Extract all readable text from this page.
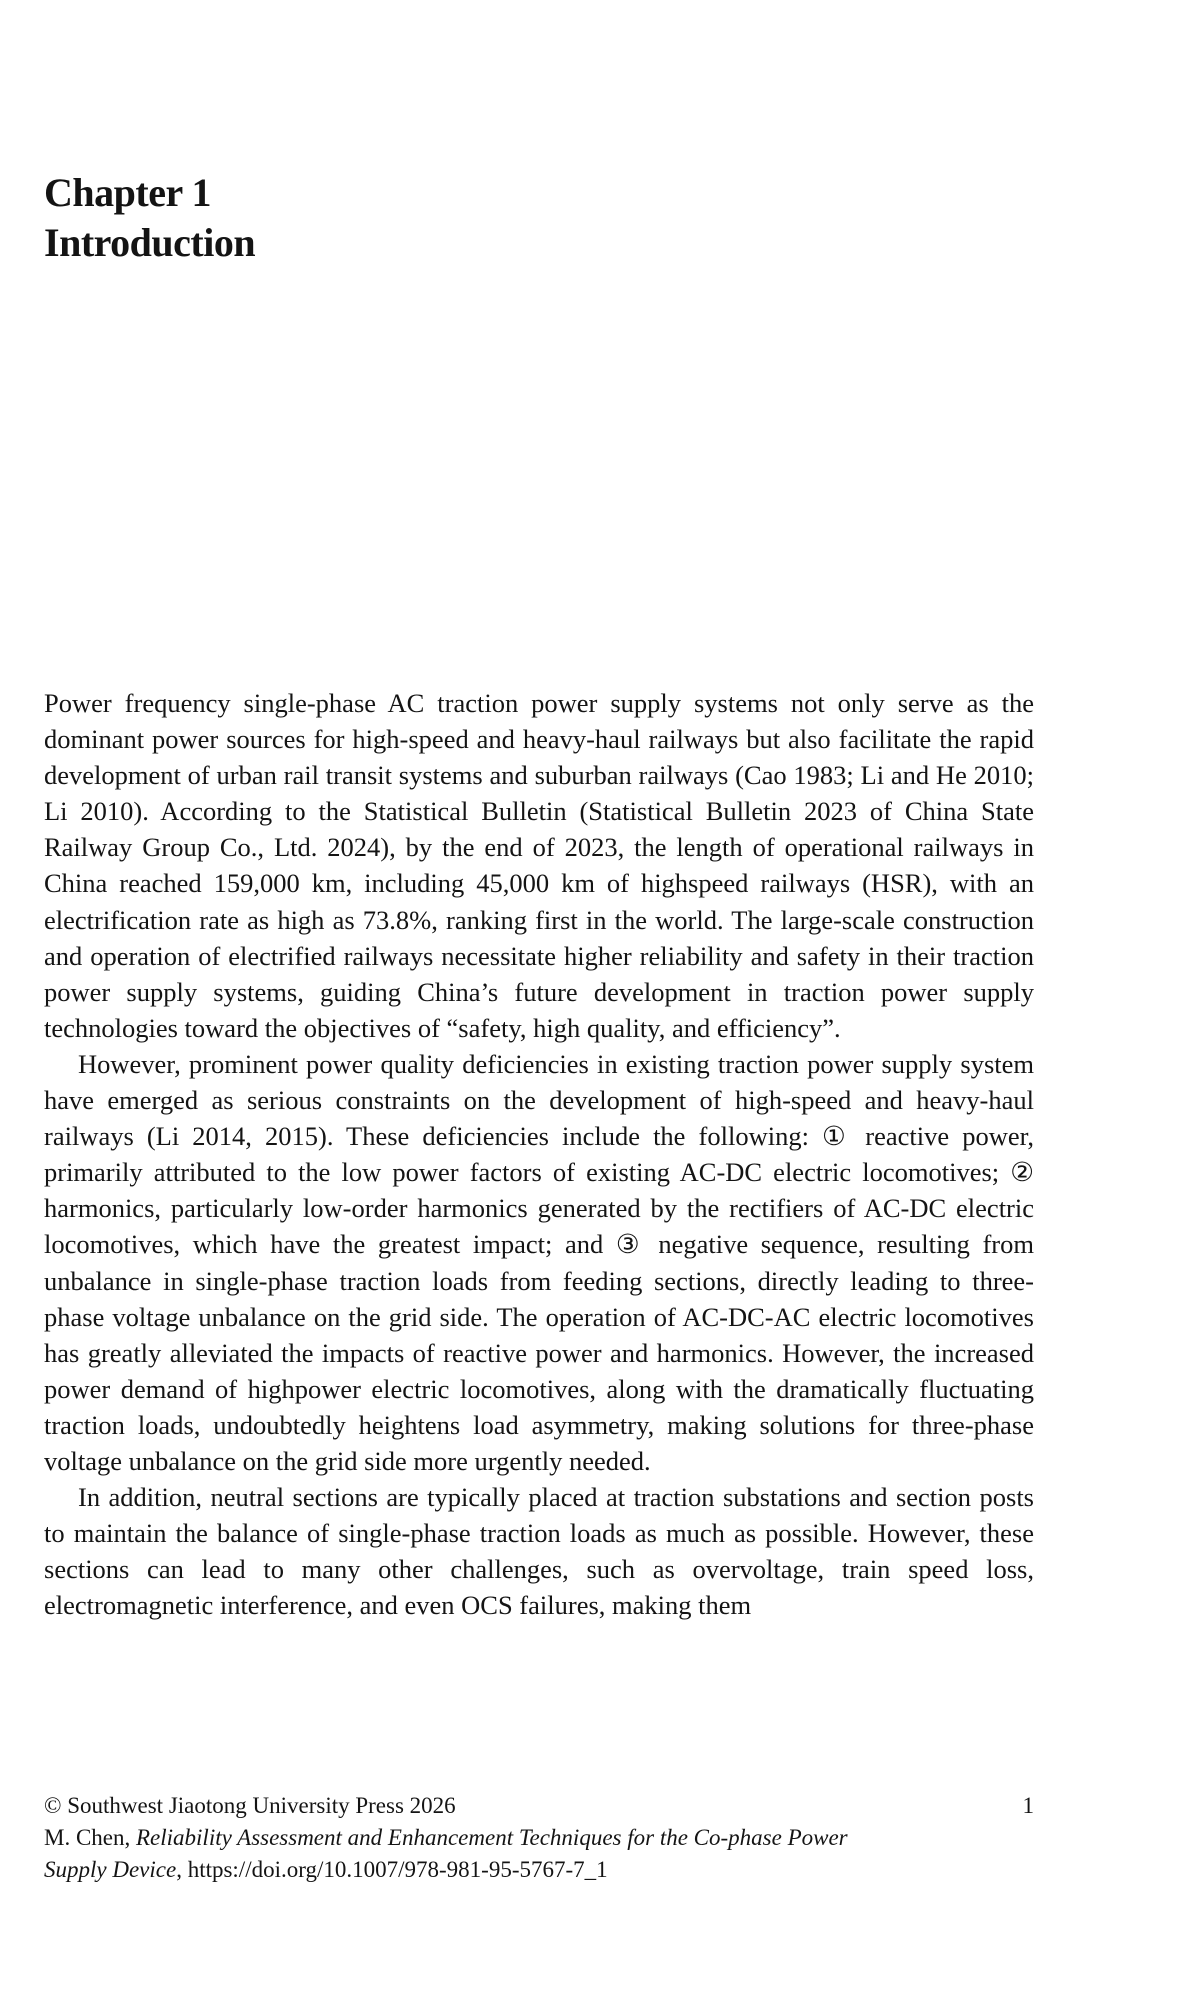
Chapter 1
Introduction

Power frequency single-phase AC traction power supply systems not only serve as the dominant power sources for high-speed and heavy-haul railways but also facilitate the rapid development of urban rail transit systems and suburban railways (Cao 1983; Li and He 2010; Li 2010). According to the Statistical Bulletin (Statistical Bulletin 2023 of China State Railway Group Co., Ltd. 2024), by the end of 2023, the length of operational railways in China reached 159,000 km, including 45,000 km of highspeed railways (HSR), with an electrification rate as high as 73.8%, ranking first in the world. The large-scale construction and operation of electrified railways necessitate higher reliability and safety in their traction power supply systems, guiding China’s future development in traction power supply technologies toward the objectives of “safety, high quality, and efficiency”.

However, prominent power quality deficiencies in existing traction power supply system have emerged as serious constraints on the development of high-speed and heavy-haul railways (Li 2014, 2015). These deficiencies include the following: ① reactive power, primarily attributed to the low power factors of existing AC-DC electric locomotives; ② harmonics, particularly low-order harmonics generated by the rectifiers of AC-DC electric locomotives, which have the greatest impact; and ③ negative sequence, resulting from unbalance in single-phase traction loads from feeding sections, directly leading to three-phase voltage unbalance on the grid side. The operation of AC-DC-AC electric locomotives has greatly alleviated the impacts of reactive power and harmonics. However, the increased power demand of highpower electric locomotives, along with the dramatically fluctuating traction loads, undoubtedly heightens load asymmetry, making solutions for three-phase voltage unbalance on the grid side more urgently needed.

In addition, neutral sections are typically placed at traction substations and section posts to maintain the balance of single-phase traction loads as much as possible. However, these sections can lead to many other challenges, such as overvoltage, train speed loss, electromagnetic interference, and even OCS failures, making them

© Southwest Jiaotong University Press 2026	1
M. Chen, Reliability Assessment and Enhancement Techniques for the Co-phase Power
Supply Device, https://doi.org/10.1007/978-981-95-5767-7_1
